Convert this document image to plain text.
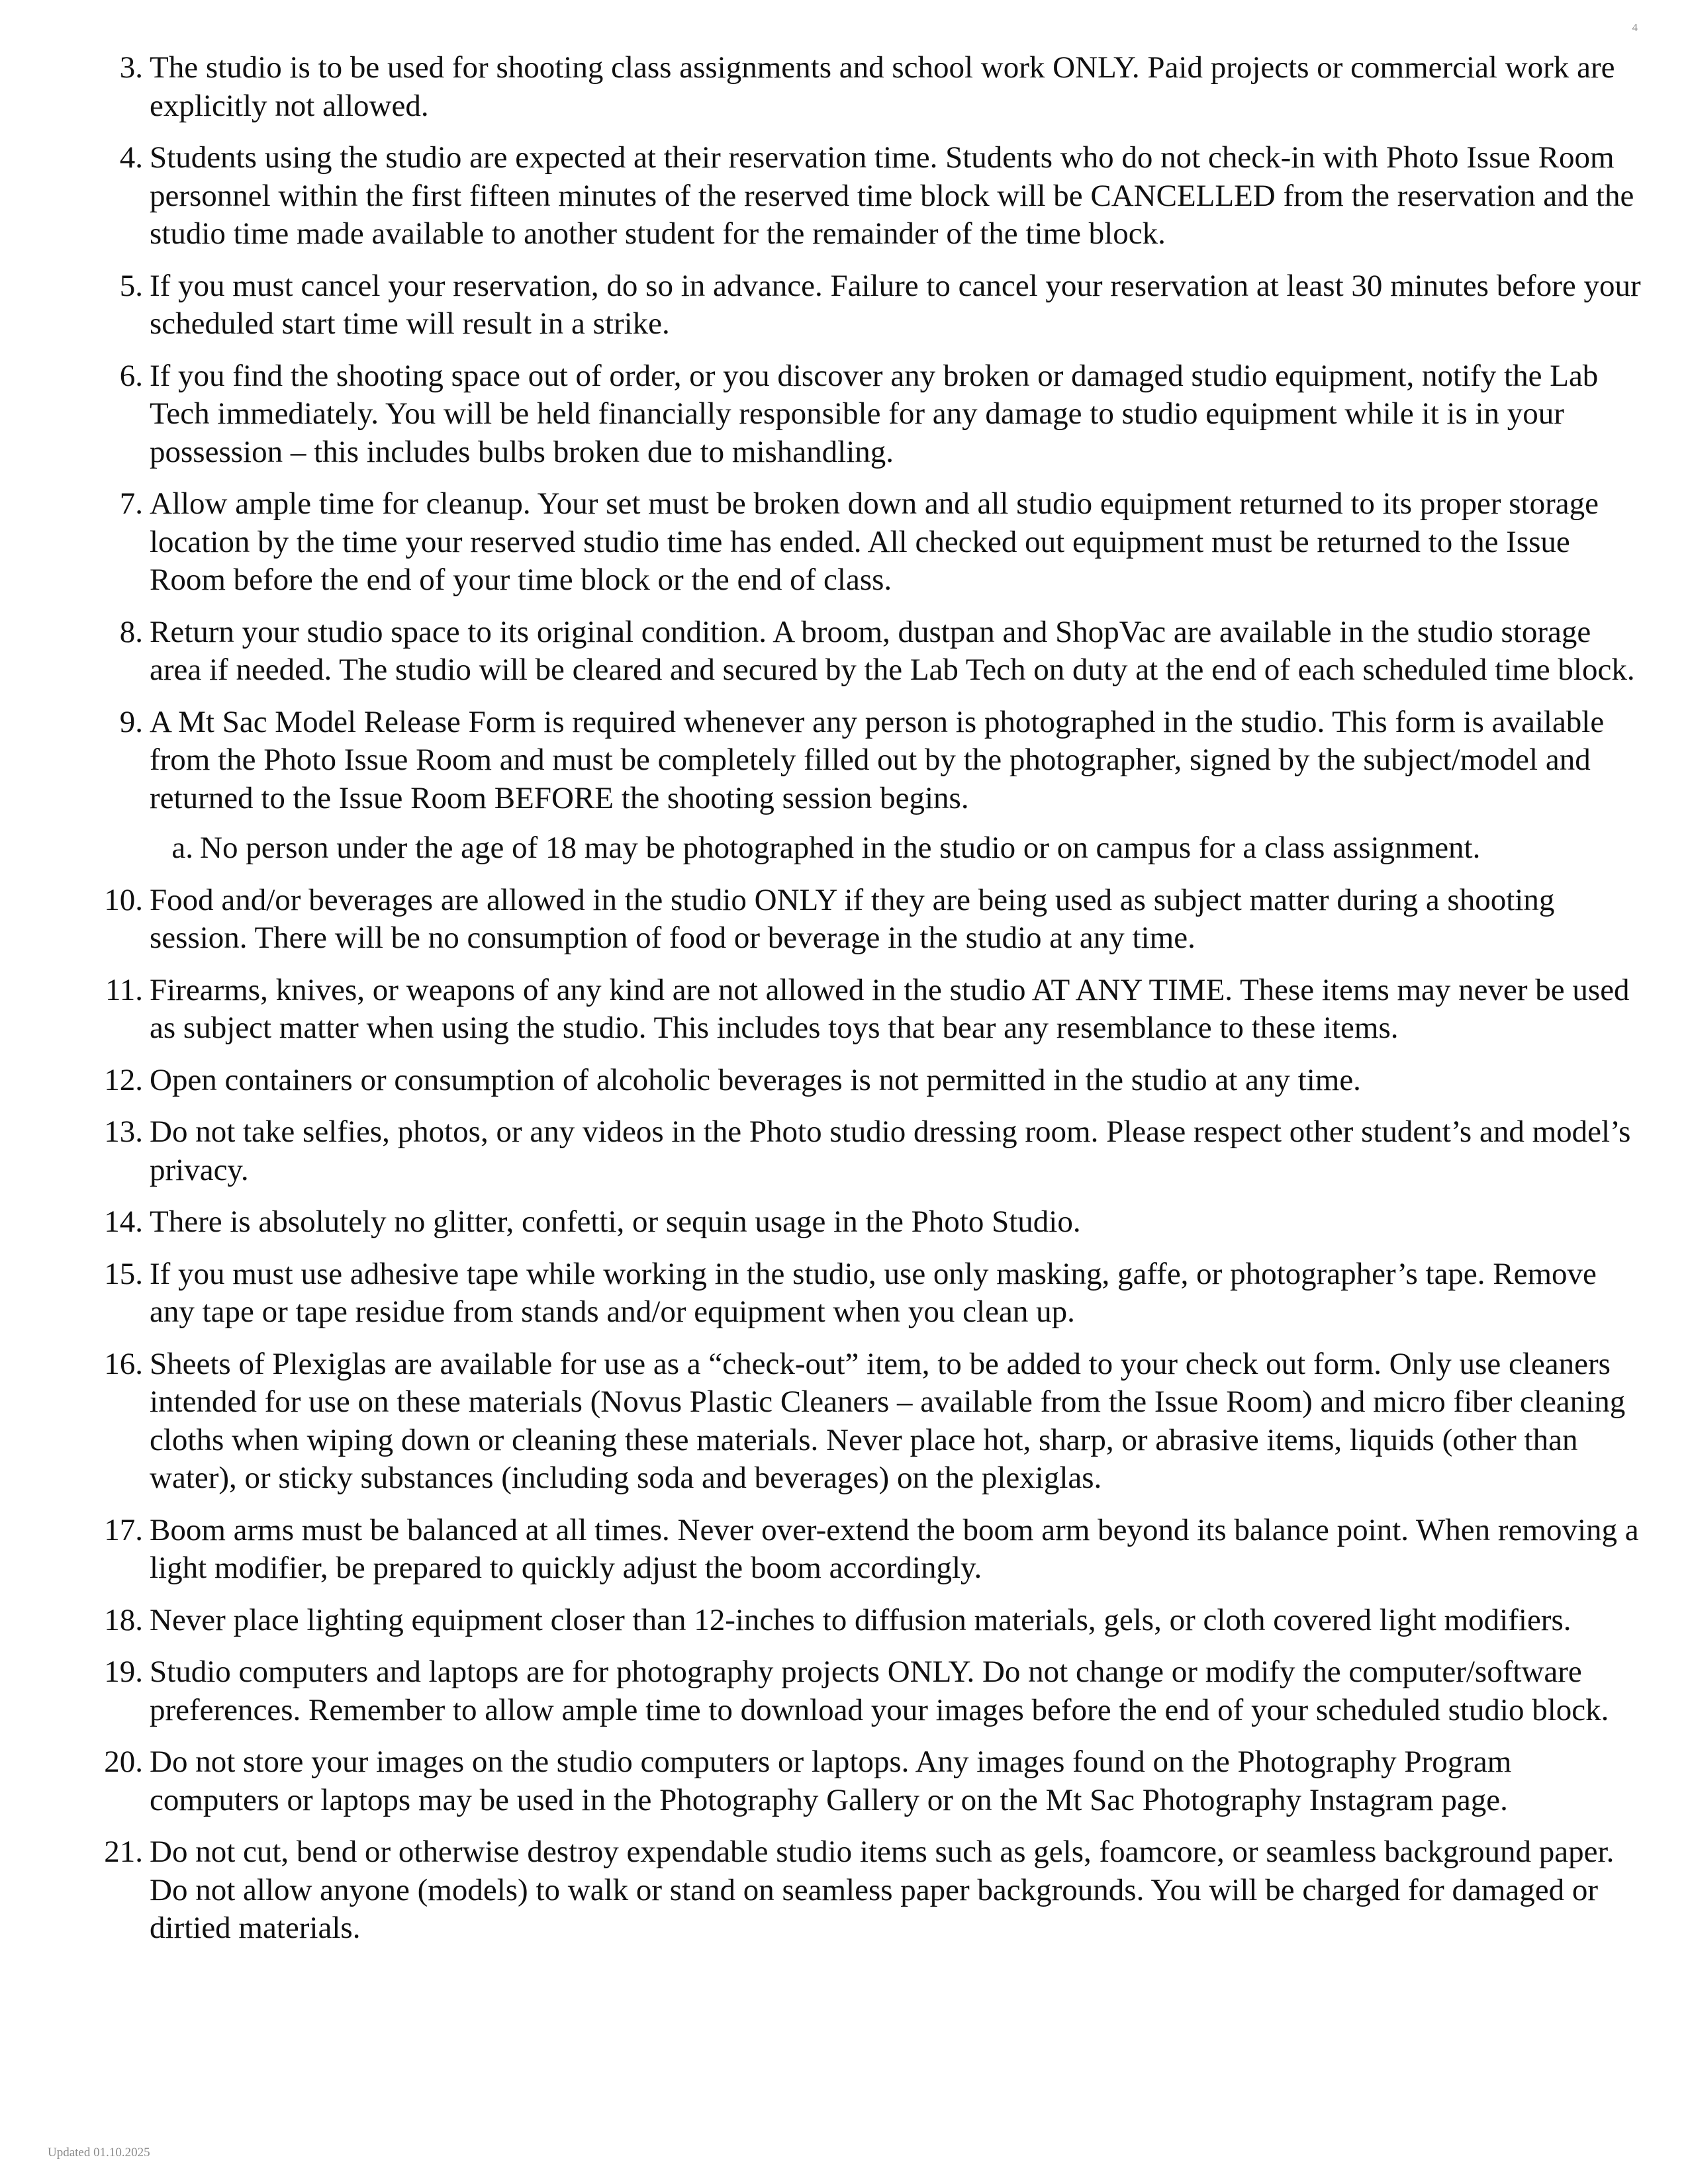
4
3. The studio is to be used for shooting class assignments and school work ONLY. Paid projects or commercial work are explicitly not allowed.
4. Students using the studio are expected at their reservation time. Students who do not check-in with Photo Issue Room personnel within the first fifteen minutes of the reserved time block will be CANCELLED from the reservation and the studio time made available to another student for the remainder of the time block.
5. If you must cancel your reservation, do so in advance. Failure to cancel your reservation at least 30 minutes before your scheduled start time will result in a strike.
6. If you find the shooting space out of order, or you discover any broken or damaged studio equipment, notify the Lab Tech immediately. You will be held financially responsible for any damage to studio equipment while it is in your possession – this includes bulbs broken due to mishandling.
7. Allow ample time for cleanup. Your set must be broken down and all studio equipment returned to its proper storage location by the time your reserved studio time has ended. All checked out equipment must be returned to the Issue Room before the end of your time block or the end of class.
8. Return your studio space to its original condition. A broom, dustpan and ShopVac are available in the studio storage area if needed. The studio will be cleared and secured by the Lab Tech on duty at the end of each scheduled time block.
9. A Mt Sac Model Release Form is required whenever any person is photographed in the studio. This form is available from the Photo Issue Room and must be completely filled out by the photographer, signed by the subject/model and returned to the Issue Room BEFORE the shooting session begins.
a. No person under the age of 18 may be photographed in the studio or on campus for a class assignment.
10. Food and/or beverages are allowed in the studio ONLY if they are being used as subject matter during a shooting session. There will be no consumption of food or beverage in the studio at any time.
11. Firearms, knives, or weapons of any kind are not allowed in the studio AT ANY TIME. These items may never be used as subject matter when using the studio. This includes toys that bear any resemblance to these items.
12. Open containers or consumption of alcoholic beverages is not permitted in the studio at any time.
13. Do not take selfies, photos, or any videos in the Photo studio dressing room. Please respect other student’s and model’s privacy.
14. There is absolutely no glitter, confetti, or sequin usage in the Photo Studio.
15. If you must use adhesive tape while working in the studio, use only masking, gaffe, or photographer’s tape. Remove any tape or tape residue from stands and/or equipment when you clean up.
16. Sheets of Plexiglas are available for use as a “check-out” item, to be added to your check out form. Only use cleaners intended for use on these materials (Novus Plastic Cleaners – available from the Issue Room) and micro fiber cleaning cloths when wiping down or cleaning these materials. Never place hot, sharp, or abrasive items, liquids (other than water), or sticky substances (including soda and beverages) on the plexiglas.
17. Boom arms must be balanced at all times. Never over-extend the boom arm beyond its balance point. When removing a light modifier, be prepared to quickly adjust the boom accordingly.
18. Never place lighting equipment closer than 12-inches to diffusion materials, gels, or cloth covered light modifiers.
19. Studio computers and laptops are for photography projects ONLY. Do not change or modify the computer/software preferences. Remember to allow ample time to download your images before the end of your scheduled studio block.
20. Do not store your images on the studio computers or laptops. Any images found on the Photography Program computers or laptops may be used in the Photography Gallery or on the Mt Sac Photography Instagram page.
21. Do not cut, bend or otherwise destroy expendable studio items such as gels, foamcore, or seamless background paper. Do not allow anyone (models) to walk or stand on seamless paper backgrounds. You will be charged for damaged or dirtied materials.
Updated 01.10.2025
